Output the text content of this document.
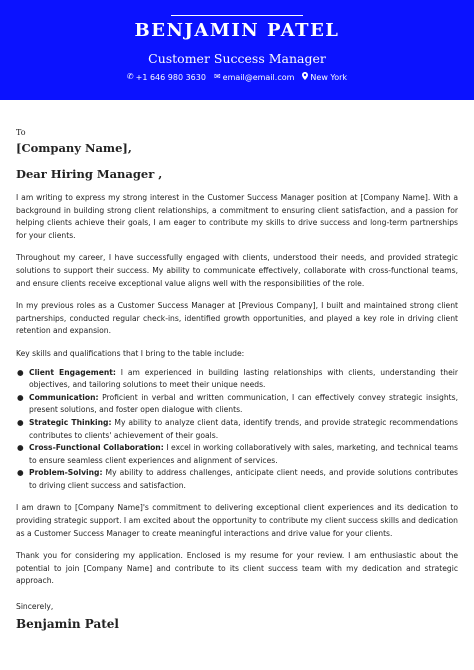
BENJAMIN PATEL
Customer Success Manager
✆ +1 646 980 3630 ✉ email@email.com New York

To

[Company Name],

Dear Hiring Manager ,

I am writing to express my strong interest in the Customer Success Manager position at [Company Name]. With a background in building strong client relationships, a commitment to ensuring client satisfaction, and a passion for helping clients achieve their goals, I am eager to contribute my skills to drive success and long-term partnerships for your clients.

Throughout my career, I have successfully engaged with clients, understood their needs, and provided strategic solutions to support their success. My ability to communicate effectively, collaborate with cross-functional teams, and ensure clients receive exceptional value aligns well with the responsibilities of the role.

In my previous roles as a Customer Success Manager at [Previous Company], I built and maintained strong client partnerships, conducted regular check-ins, identified growth opportunities, and played a key role in driving client retention and expansion.

Key skills and qualifications that I bring to the table include:

● Client Engagement: I am experienced in building lasting relationships with clients, understanding their objectives, and tailoring solutions to meet their unique needs.
● Communication: Proficient in verbal and written communication, I can effectively convey strategic insights, present solutions, and foster open dialogue with clients.
● Strategic Thinking: My ability to analyze client data, identify trends, and provide strategic recommendations contributes to clients' achievement of their goals.
● Cross-Functional Collaboration: I excel in working collaboratively with sales, marketing, and technical teams to ensure seamless client experiences and alignment of services.
● Problem-Solving: My ability to address challenges, anticipate client needs, and provide solutions contributes to driving client success and satisfaction.

I am drawn to [Company Name]'s commitment to delivering exceptional client experiences and its dedication to providing strategic support. I am excited about the opportunity to contribute my client success skills and dedication as a Customer Success Manager to create meaningful interactions and drive value for your clients.

Thank you for considering my application. Enclosed is my resume for your review. I am enthusiastic about the potential to join [Company Name] and contribute to its client success team with my dedication and strategic approach.

Sincerely,

Benjamin Patel
